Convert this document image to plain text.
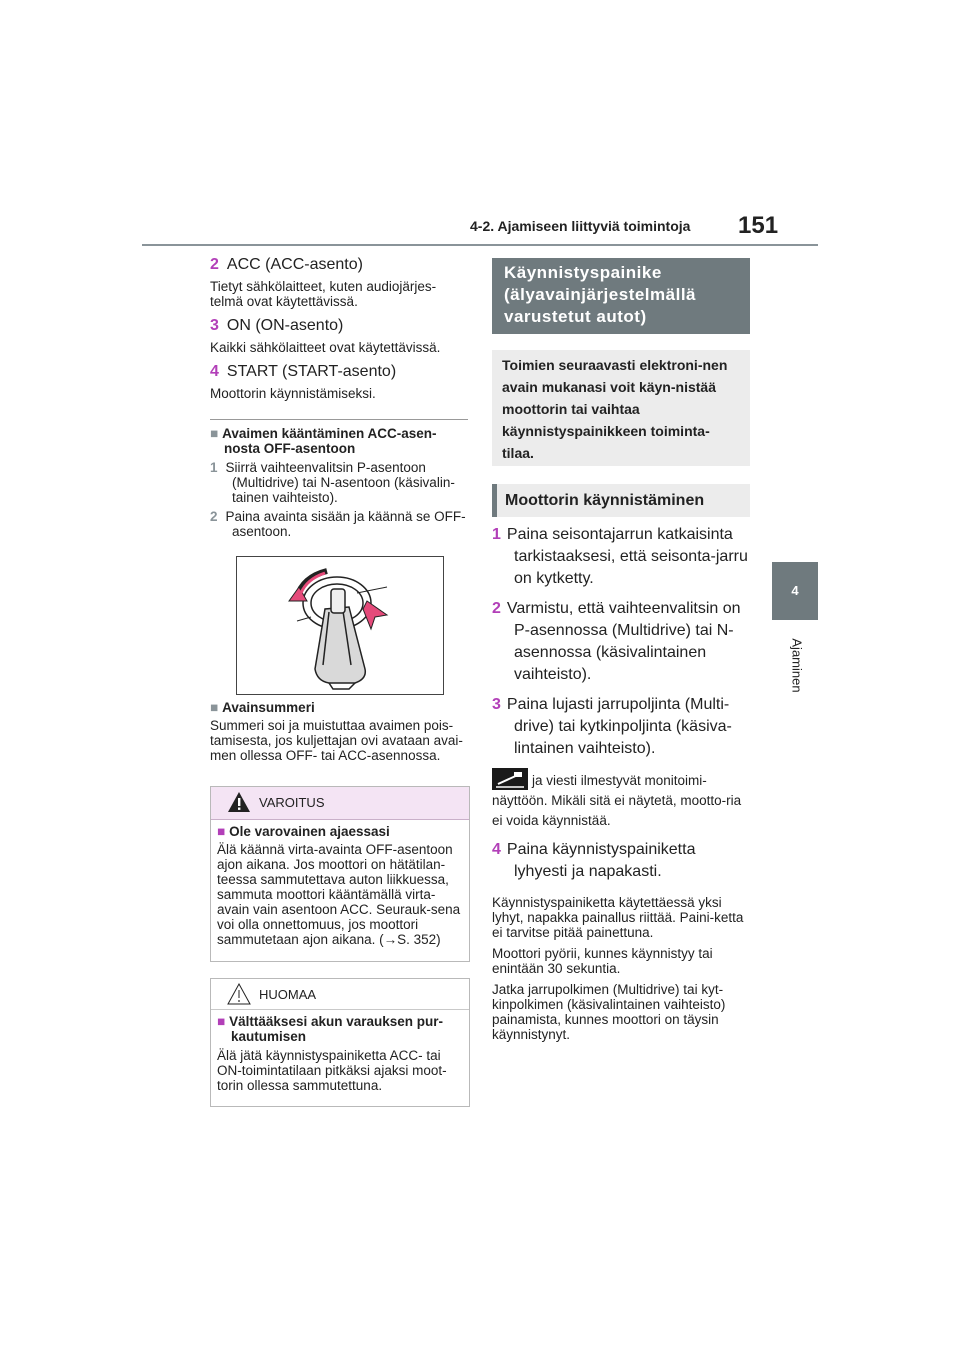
4-2. Ajamiseen liittyviä toimintoja 151
4
Ajaminen

2 ACC (ACC-asento)

Tietyt sähkölaitteet, kuten audiojärjes-telmä ovat käytettävissä.

3 ON (ON-asento)

Kaikki sähkölaitteet ovat käytettävissä.

4 START (START-asento)

Moottorin käynnistämiseksi.

■ Avaimen kääntäminen ACC-asen-nosta OFF-asentoon

1 Siirrä vaihteenvalitsin P-asentoon (Multidrive) tai N-asentoon (käsivalin-tainen vaihteisto).

2 Paina avainta sisään ja käännä se OFF-asentoon.

■ Avainsummeri

Summeri soi ja muistuttaa avaimen pois-tamisesta, jos kuljettajan ovi avataan avai-men ollessa OFF- tai ACC-asennossa.

VAROITUS

■ Ole varovainen ajaessasi

Älä käännä virta-avainta OFF-asentoon ajon aikana. Jos moottori on hätätilan-teessa sammutettava auton liikkuessa, sammuta moottori kääntämällä virta-avain vain asentoon ACC. Seurauk-sena voi olla onnettomuus, jos moottori sammutetaan ajon aikana. (→S. 352)

HUOMAA

■ Välttääksesi akun varauksen pur-kautumisen

Älä jätä käynnistyspainiketta ACC- tai ON-toimintatilaan pitkäksi ajaksi moot-torin ollessa sammutettuna.

Käynnistyspainike (älyavainjärjestelmällä varustetut autot)
Toimien seuraavasti elektroni-nen avain mukanasi voit käyn-nistää moottorin tai vaihtaa käynnistyspainikkeen toiminta-tilaa.
Moottorin käynnistäminen

1 Paina seisontajarrun katkaisinta tarkistaaksesi, että seisonta-jarru on kytketty.

2 Varmistu, että vaihteenvalitsin on P-asennossa (Multidrive) tai N-asennossa (käsivalintainen vaihteisto).

3 Paina lujasti jarrupoljinta (Multi-drive) tai kytkinpoljinta (käsiva-lintainen vaihteisto).

ja viesti ilmestyvät monitoimi-näyttöön. Mikäli sitä ei näytetä, mootto-ria ei voida käynnistää.

4 Paina käynnistyspainiketta lyhyesti ja napakasti.

Käynnistyspainiketta käytettäessä yksi lyhyt, napakka painallus riittää. Paini-ketta ei tarvitse pitää painettuna.

Moottori pyörii, kunnes käynnistyy tai enintään 30 sekuntia.

Jatka jarrupolkimen (Multidrive) tai kyt-kinpolkimen (käsivalintainen vaihteisto) painamista, kunnes moottori on täysin käynnistynyt.
